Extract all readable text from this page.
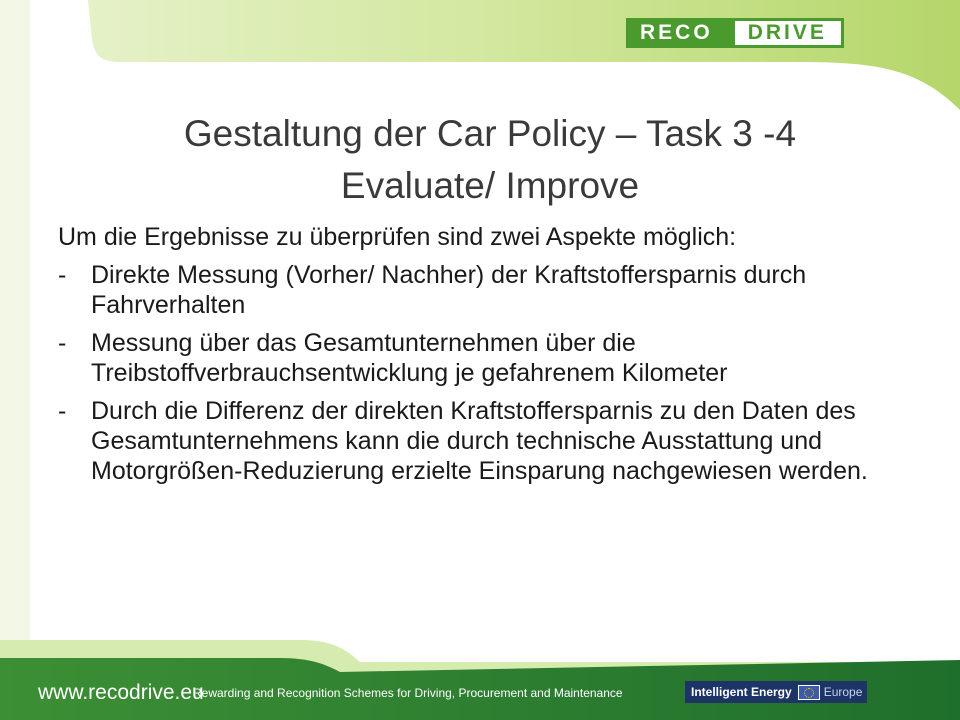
RECO	DRIVE
Gestaltung der Car Policy – Task 3 -4
Evaluate/ Improve
Um die Ergebnisse zu überprüfen sind zwei Aspekte möglich:
- Direkte Messung (Vorher/ Nachher) der Kraftstoffersparnis durch Fahrverhalten
- Messung über das Gesamtunternehmen über die Treibstoffverbrauchsentwicklung je gefahrenem Kilometer
- Durch die Differenz der direkten Kraftstoffersparnis zu den Daten des Gesamtunternehmens kann die durch technische Ausstattung und Motorgrößen-Reduzierung erzielte Einsparung nachgewiesen werden.
www.recodrive.eu
Rewarding and Recognition Schemes for Driving, Procurement and Maintenance	Intelligent Energy	Europe
